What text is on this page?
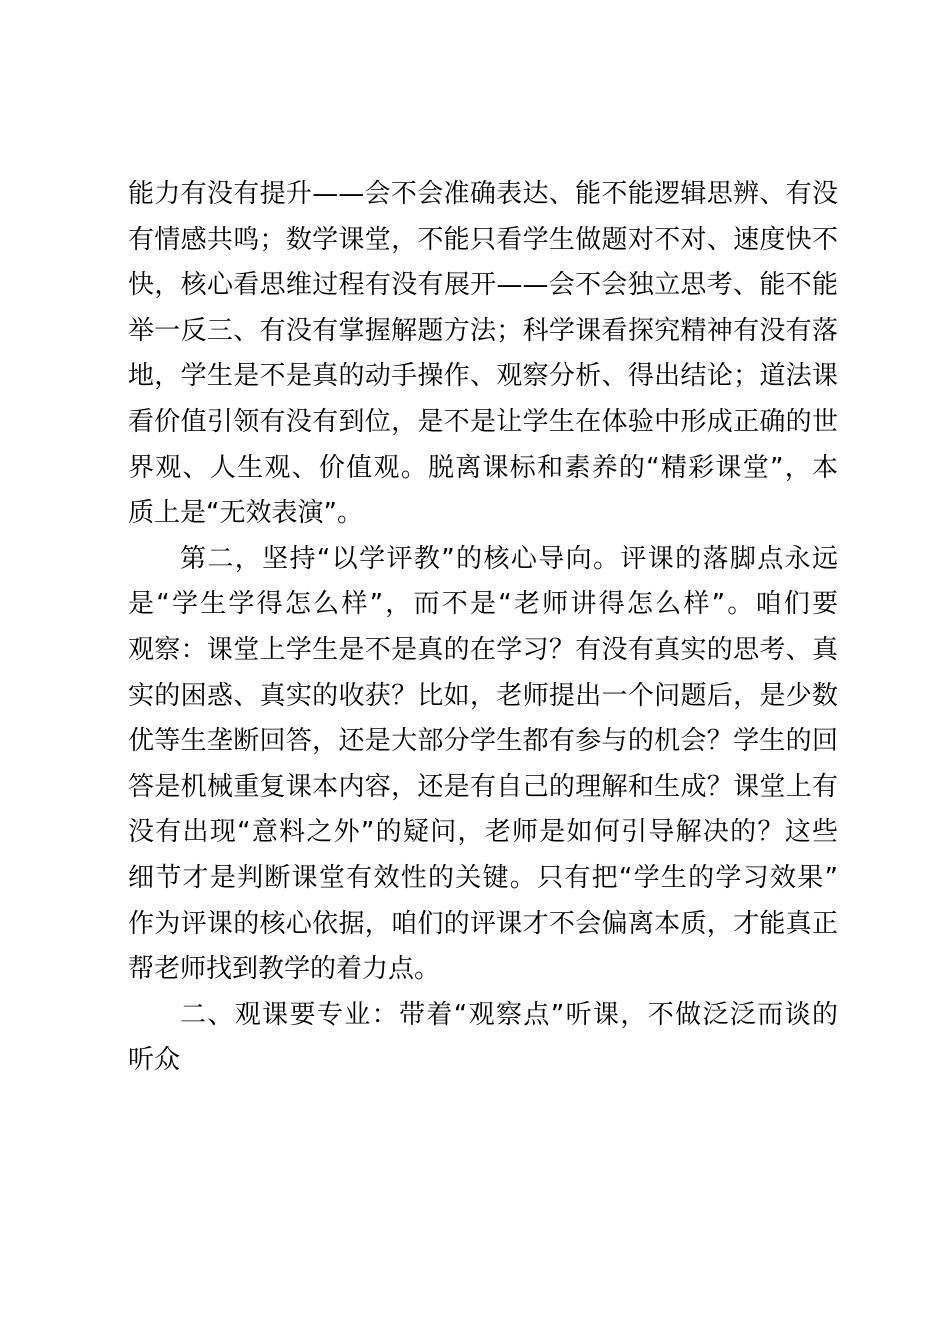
能力有没有提升——会不会准确表达、能不能逻辑思辨、有没
有情感共鸣；数学课堂，不能只看学生做题对不对、速度快不
快，核心看思维过程有没有展开——会不会独立思考、能不能
举一反三、有没有掌握解题方法；科学课看探究精神有没有落
地，学生是不是真的动手操作、观察分析、得出结论；道法课
看价值引领有没有到位，是不是让学生在体验中形成正确的世
界观、人生观、价值观。脱离课标和素养的“精彩课堂”，本
质上是“无效表演”。
第二，坚持“以学评教”的核心导向。评课的落脚点永远
是“学生学得怎么样”，而不是“老师讲得怎么样”。咱们要
观察：课堂上学生是不是真的在学习？有没有真实的思考、真
实的困惑、真实的收获？比如，老师提出一个问题后，是少数
优等生垄断回答，还是大部分学生都有参与的机会？学生的回
答是机械重复课本内容，还是有自己的理解和生成？课堂上有
没有出现“意料之外”的疑问，老师是如何引导解决的？这些
细节才是判断课堂有效性的关键。只有把“学生的学习效果”
作为评课的核心依据，咱们的评课才不会偏离本质，才能真正
帮老师找到教学的着力点。
二、观课要专业：带着“观察点”听课，不做泛泛而谈的
听众
